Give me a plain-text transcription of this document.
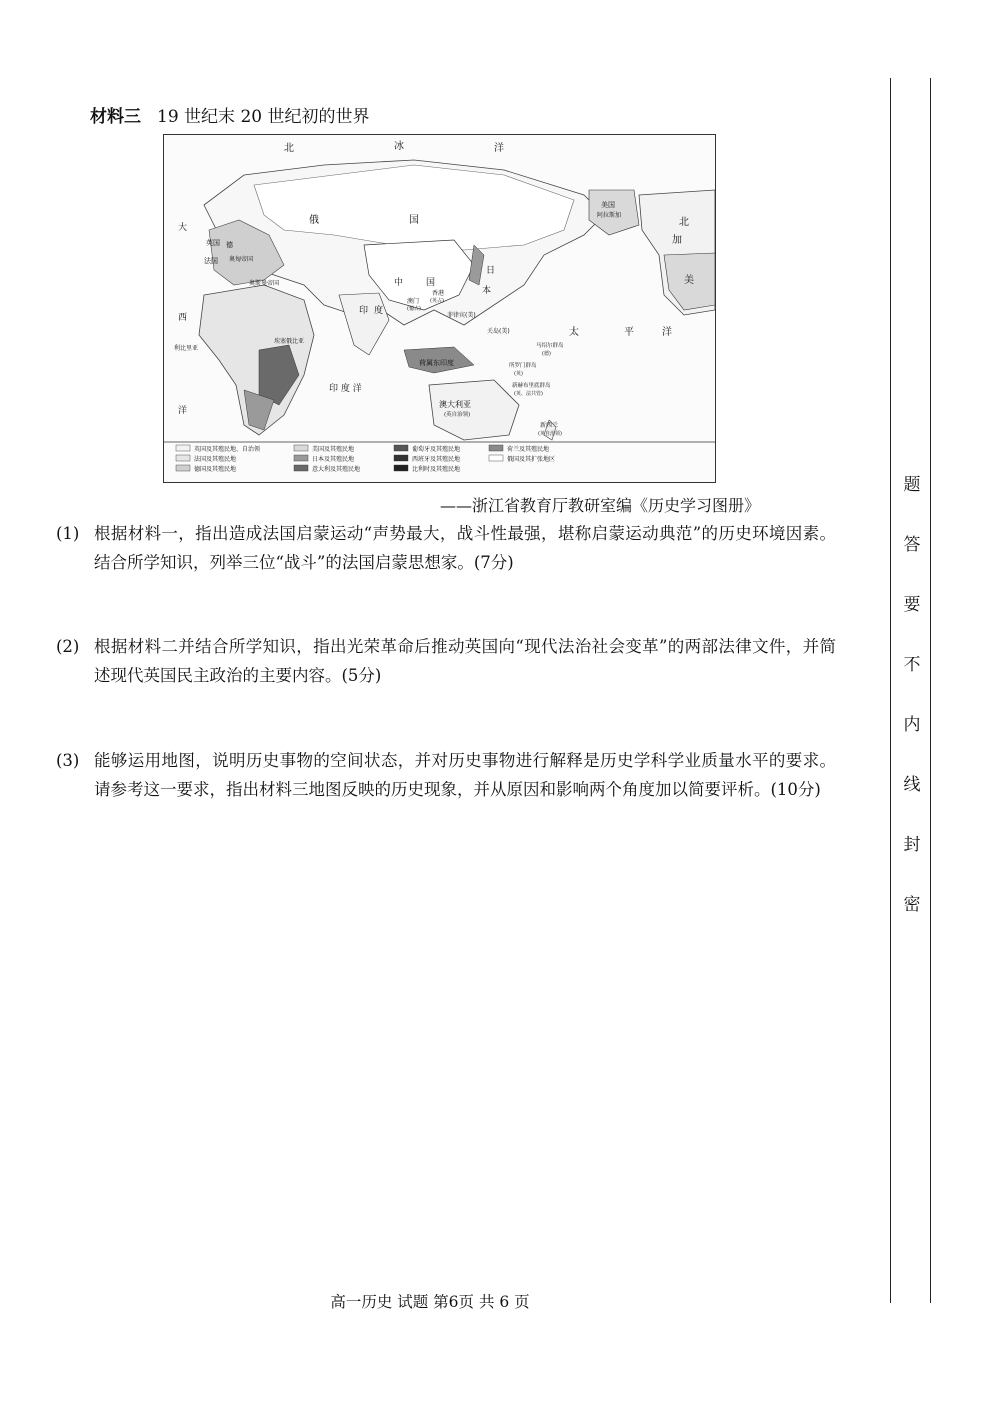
材料三 19 世纪末 20 世纪初的世界
北	冰	洋
俄	国
美国
阿拉斯加
北
加
美
大
西
洋
英国
法国
德
奥匈帝国
奥斯曼帝国	中	国
澳门
(葡占)
香港
(英占)
日
本
印 度	菲律宾(美)
关岛(美)
马绍尔群岛
(德)
所罗门群岛
(英)
新赫布里底群岛
(英、法共管)
荷属东印度
太	平	洋
印 度 洋
澳大利亚
(英自治领)
新西兰
(英自治领)
利比里亚
埃塞俄比亚
英国及其殖民地、自治领	美国及其殖民地	葡萄牙及其殖民地	荷兰及其殖民地
法国及其殖民地	日本及其殖民地	西班牙及其殖民地	俄国及其扩张地区
德国及其殖民地	意大利及其殖民地	比利时及其殖民地
——浙江省教育厅教研室编《历史学习图册》
(1) 根据材料一，指出造成法国启蒙运动“声势最大，战斗性最强，堪称启蒙运动典范”的历史环境因素。结合所学知识，列举三位“战斗”的法国启蒙思想家。(7分)
(2) 根据材料二并结合所学知识，指出光荣革命后推动英国向“现代法治社会变革”的两部法律文件，并简述现代英国民主政治的主要内容。(5分)
(3) 能够运用地图，说明历史事物的空间状态，并对历史事物进行解释是历史学科学业质量水平的要求。请参考这一要求，指出材料三地图反映的历史现象，并从原因和影响两个角度加以简要评析。(10分)
高一历史 试题 第6页 共 6 页
题
答
要
不
内
线
封
密
